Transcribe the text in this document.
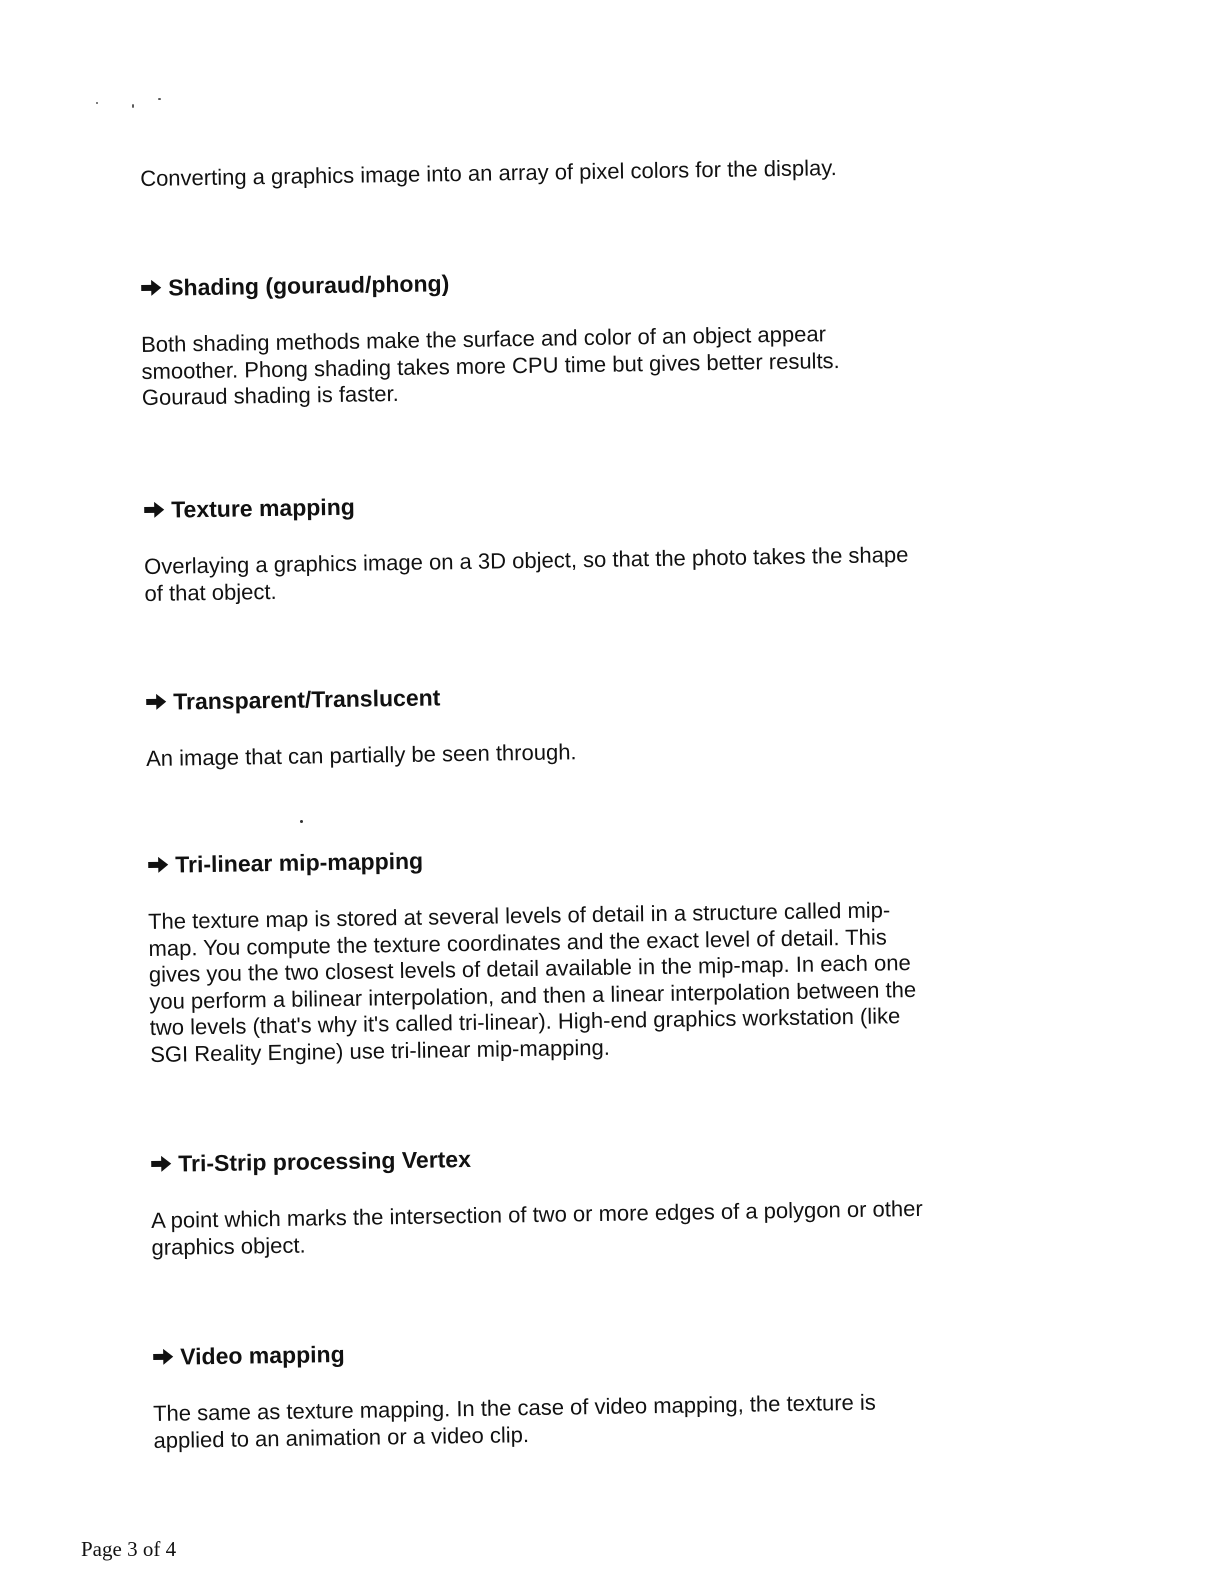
Converting a graphics image into an array of pixel colors for the display.
Shading (gouraud/phong)
Both shading methods make the surface and color of an object appear
smoother. Phong shading takes more CPU time but gives better results.
Gouraud shading is faster.
Texture mapping
Overlaying a graphics image on a 3D object, so that the photo takes the shape
of that object.
Transparent/Translucent
An image that can partially be seen through.
Tri-linear mip-mapping
The texture map is stored at several levels of detail in a structure called mip-
map. You compute the texture coordinates and the exact level of detail. This
gives you the two closest levels of detail available in the mip-map. In each one
you perform a bilinear interpolation, and then a linear interpolation between the
two levels (that's why it's called tri-linear). High-end graphics workstation (like
SGI Reality Engine) use tri-linear mip-mapping.
Tri-Strip processing Vertex
A point which marks the intersection of two or more edges of a polygon or other
graphics object.
Video mapping
The same as texture mapping. In the case of video mapping, the texture is
applied to an animation or a video clip.
Page 3 of 4
